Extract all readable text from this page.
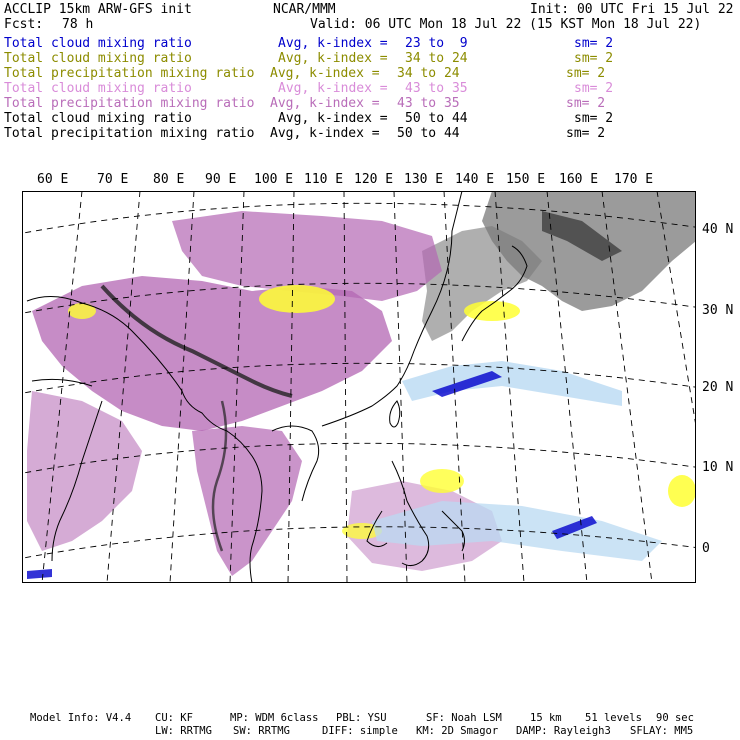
ACCLIP 15km ARW-GFS init	NCAR/MMM	Init: 00 UTC Fri 15 Jul 22
Fcst: 78 h	Valid: 06 UTC Mon 18 Jul 22 (15 KST Mon 18 Jul 22)
Total cloud mixing ratio	Avg, k-index = 23 to  9	sm= 2
Total cloud mixing ratio	Avg, k-index = 34 to 24	sm= 2
Total precipitation mixing ratio Avg, k-index = 34 to 24	sm= 2
Total cloud mixing ratio	Avg, k-index = 43 to 35	sm= 2
Total precipitation mixing ratio Avg, k-index = 43 to 35	sm= 2
Total cloud mixing ratio	Avg, k-index = 50 to 44	sm= 2
Total precipitation mixing ratio Avg, k-index = 50 to 44	sm= 2
60 E 70 E 80 E 90 E 100 E 110 E 120 E 130 E 140 E 150 E 160 E 170 E
40 N
30 N
20 N
10 N
0
Model Info: V4.4 CU: KF	MP: WDM 6class PBL: YSU	SF: Noah LSM	15 km 51 levels 90 sec
LW: RRTMG SW: RRTMG	DIFF: simple KM: 2D Smagor DAMP: Rayleigh3 SFLAY: MM5
